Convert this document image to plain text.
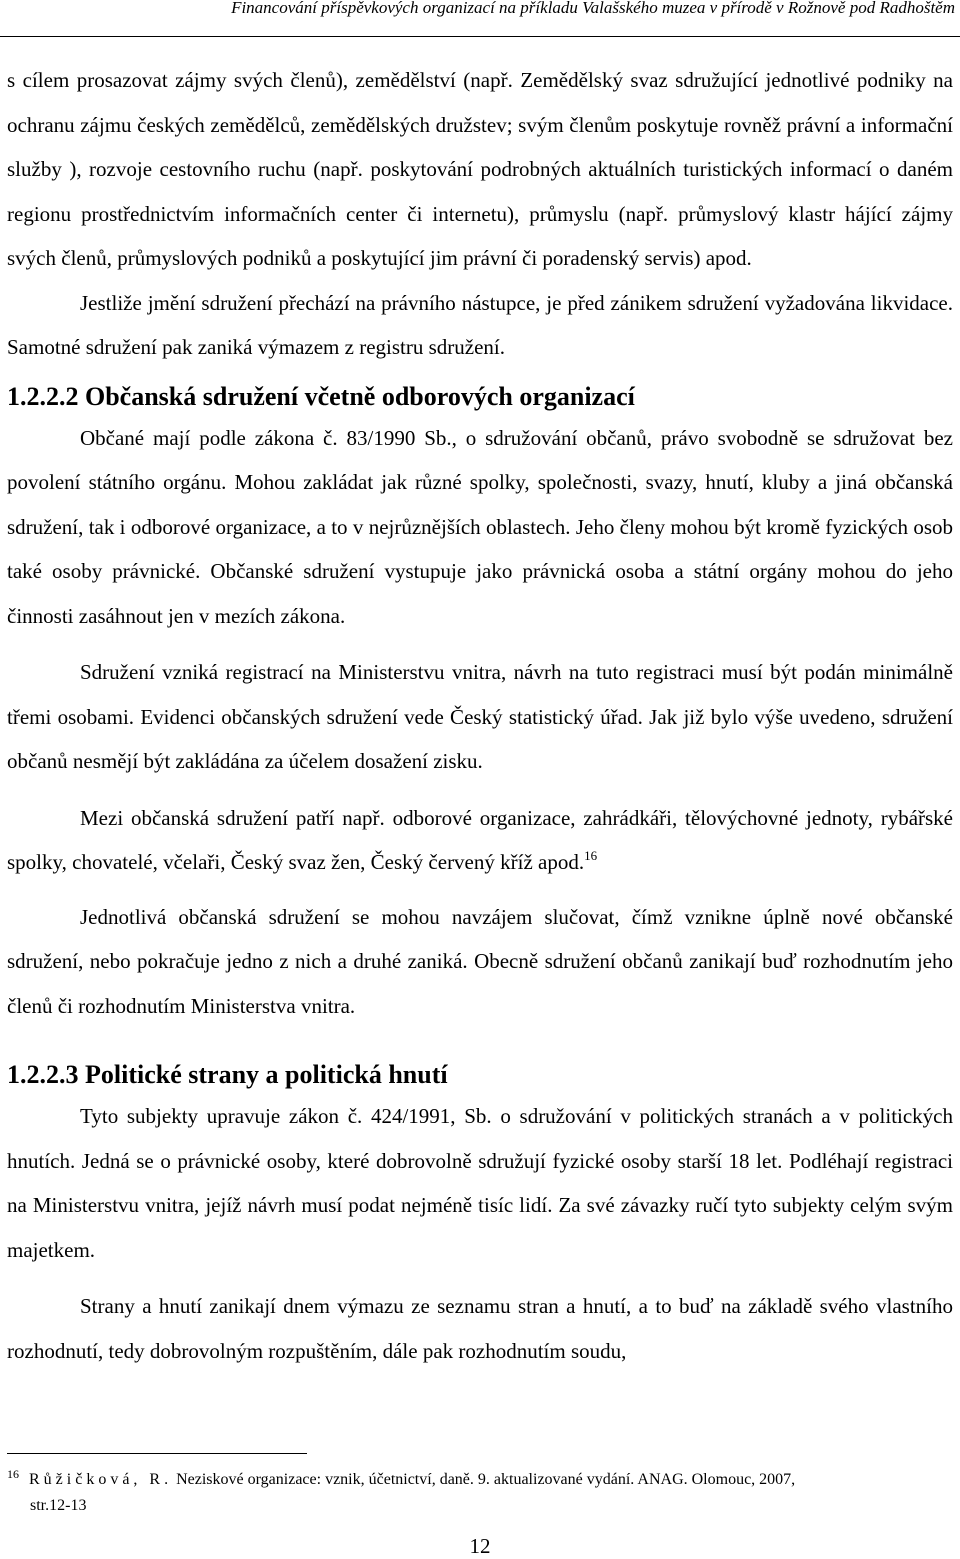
Financování příspěvkových organizací na příkladu Valašského muzea v přírodě v Rožnově pod Radhoštěm

s cílem prosazovat zájmy svých členů), zemědělství (např. Zemědělský svaz sdružující jednotlivé podniky na ochranu zájmu českých zemědělců, zemědělských družstev; svým členům poskytuje rovněž právní a informační služby ), rozvoje cestovního ruchu (např. poskytování podrobných aktuálních turistických informací o daném regionu prostřednictvím informačních center či internetu), průmyslu (např. průmyslový klastr hájící zájmy svých členů, průmyslových podniků a poskytující jim právní či poradenský servis) apod.

Jestliže jmění sdružení přechází na právního nástupce, je před zánikem sdružení vyžadována likvidace. Samotné sdružení pak zaniká výmazem z registru sdružení.

1.2.2.2 Občanská sdružení včetně odborových organizací

Občané mají podle zákona č. 83/1990 Sb., o sdružování občanů, právo svobodně se sdružovat bez povolení státního orgánu. Mohou zakládat jak různé spolky, společnosti, svazy, hnutí, kluby a jiná občanská sdružení, tak i odborové organizace, a to v nejrůznějších oblastech. Jeho členy mohou být kromě fyzických osob také osoby právnické. Občanské sdružení vystupuje jako právnická osoba a státní orgány mohou do jeho činnosti zasáhnout jen v mezích zákona.

Sdružení vzniká registrací na Ministerstvu vnitra, návrh na tuto registraci musí být podán minimálně třemi osobami. Evidenci občanských sdružení vede Český statistický úřad. Jak již bylo výše uvedeno, sdružení občanů nesmějí být zakládána za účelem dosažení zisku.

Mezi občanská sdružení patří např. odborové organizace, zahrádkáři, tělovýchovné jednoty, rybářské spolky, chovatelé, včelaři, Český svaz žen, Český červený kříž apod.$^{16}$

Jednotlivá občanská sdružení se mohou navzájem slučovat, čímž vznikne úplně nové občanské sdružení, nebo pokračuje jedno z nich a druhé zaniká. Obecně sdružení občanů zanikají buď rozhodnutím jeho členů či rozhodnutím Ministerstva vnitra.

1.2.2.3 Politické strany a politická hnutí

Tyto subjekty upravuje zákon č. 424/1991, Sb. o sdružování v politických stranách a v politických hnutích. Jedná se o právnické osoby, které dobrovolně sdružují fyzické osoby starší 18 let. Podléhají registraci na Ministerstvu vnitra, jejíž návrh musí podat nejméně tisíc lidí. Za své závazky ručí tyto subjekty celým svým majetkem.

Strany a hnutí zanikají dnem výmazu ze seznamu stran a hnutí, a to buď na základě svého vlastního rozhodnutí, tedy dobrovolným rozpuštěním, dále pak rozhodnutím soudu,

$^{16}$ Růžičková, R. Neziskové organizace: vznik, účetnictví, daně. 9. aktualizované vydání. ANAG. Olomouc, 2007,
str.12-13
12
